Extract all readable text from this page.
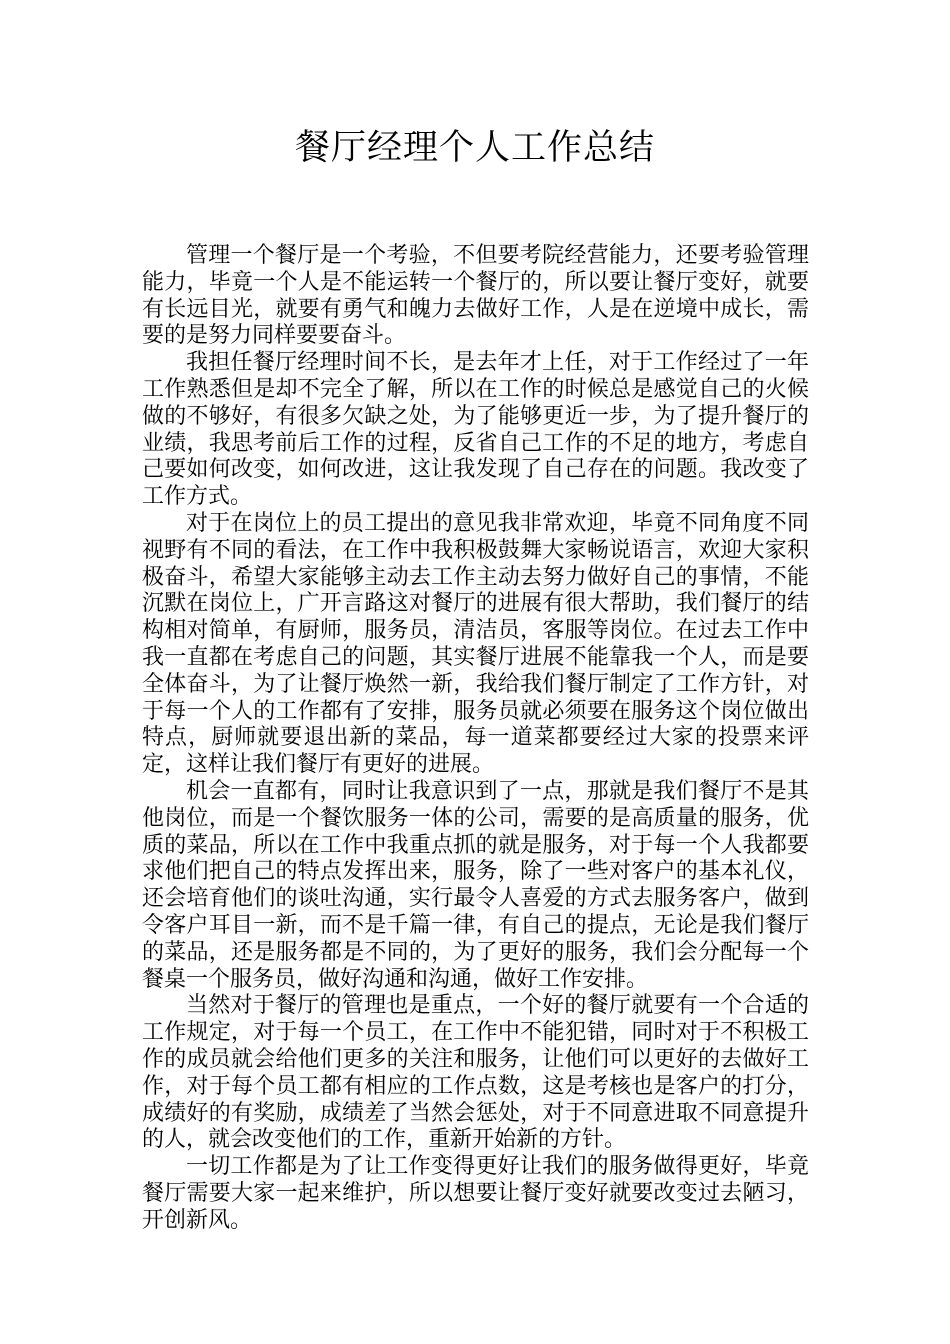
餐厅经理个人工作总结

管理一个餐厅是一个考验，不但要考院经营能力，还要考验管理能力，毕竟一个人是不能运转一个餐厅的，所以要让餐厅变好，就要有长远目光，就要有勇气和魄力去做好工作，人是在逆境中成长，需要的是努力同样要要奋斗。

我担任餐厅经理时间不长，是去年才上任，对于工作经过了一年工作熟悉但是却不完全了解，所以在工作的时候总是感觉自己的火候做的不够好，有很多欠缺之处，为了能够更近一步，为了提升餐厅的业绩，我思考前后工作的过程，反省自己工作的不足的地方，考虑自己要如何改变，如何改进，这让我发现了自己存在的问题。我改变了工作方式。

对于在岗位上的员工提出的意见我非常欢迎，毕竟不同角度不同视野有不同的看法，在工作中我积极鼓舞大家畅说语言，欢迎大家积极奋斗，希望大家能够主动去工作主动去努力做好自己的事情，不能沉默在岗位上，广开言路这对餐厅的进展有很大帮助，我们餐厅的结构相对简单，有厨师，服务员，清洁员，客服等岗位。在过去工作中我一直都在考虑自己的问题，其实餐厅进展不能靠我一个人，而是要全体奋斗，为了让餐厅焕然一新，我给我们餐厅制定了工作方针，对于每一个人的工作都有了安排，服务员就必须要在服务这个岗位做出特点，厨师就要退出新的菜品，每一道菜都要经过大家的投票来评定，这样让我们餐厅有更好的进展。

机会一直都有，同时让我意识到了一点，那就是我们餐厅不是其他岗位，而是一个餐饮服务一体的公司，需要的是高质量的服务，优质的菜品，所以在工作中我重点抓的就是服务，对于每一个人我都要求他们把自己的特点发挥出来，服务，除了一些对客户的基本礼仪，还会培育他们的谈吐沟通，实行最令人喜爱的方式去服务客户，做到令客户耳目一新，而不是千篇一律，有自己的提点，无论是我们餐厅的菜品，还是服务都是不同的，为了更好的服务，我们会分配每一个餐桌一个服务员，做好沟通和沟通，做好工作安排。

当然对于餐厅的管理也是重点，一个好的餐厅就要有一个合适的工作规定，对于每一个员工，在工作中不能犯错，同时对于不积极工作的成员就会给他们更多的关注和服务，让他们可以更好的去做好工作，对于每个员工都有相应的工作点数，这是考核也是客户的打分，成绩好的有奖励，成绩差了当然会惩处，对于不同意进取不同意提升的人，就会改变他们的工作，重新开始新的方针。

一切工作都是为了让工作变得更好让我们的服务做得更好，毕竟餐厅需要大家一起来维护，所以想要让餐厅变好就要改变过去陋习，开创新风。
